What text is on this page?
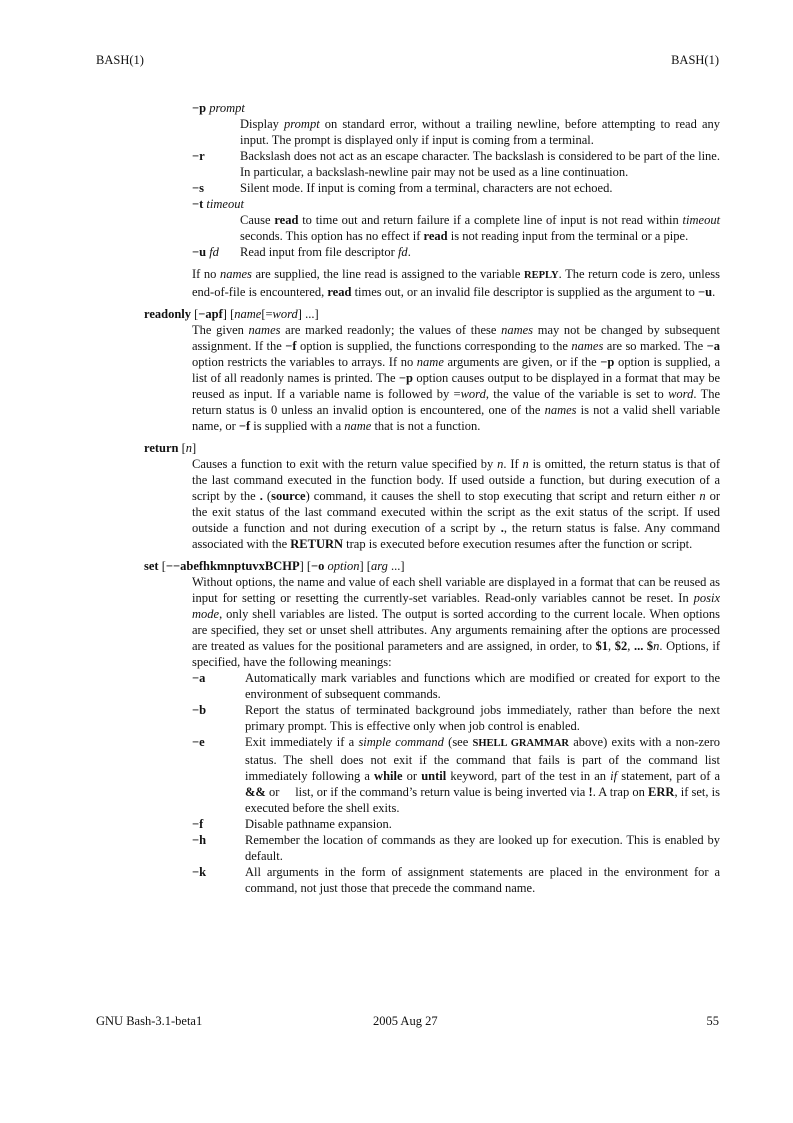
BASH(1)	BASH(1)
−p prompt
Display prompt on standard error, without a trailing newline, before attempting to read any input. The prompt is displayed only if input is coming from a terminal.
−r	Backslash does not act as an escape character. The backslash is considered to be part of the line. In particular, a backslash-newline pair may not be used as a line continuation.
−s	Silent mode. If input is coming from a terminal, characters are not echoed.
−t timeout
Cause read to time out and return failure if a complete line of input is not read within timeout seconds. This option has no effect if read is not reading input from the terminal or a pipe.
−u fd	Read input from file descriptor fd.
If no names are supplied, the line read is assigned to the variable REPLY. The return code is zero, unless end-of-file is encountered, read times out, or an invalid file descriptor is supplied as the argument to −u.
readonly [−apf] [name[=word] ...]
The given names are marked readonly; the values of these names may not be changed by subsequent assignment. If the −f option is supplied, the functions corresponding to the names are so marked. The −a option restricts the variables to arrays. If no name arguments are given, or if the −p option is supplied, a list of all readonly names is printed. The −p option causes output to be displayed in a format that may be reused as input. If a variable name is followed by =word, the value of the variable is set to word. The return status is 0 unless an invalid option is encountered, one of the names is not a valid shell variable name, or −f is supplied with a name that is not a function.
return [n]
Causes a function to exit with the return value specified by n. If n is omitted, the return status is that of the last command executed in the function body. If used outside a function, but during execution of a script by the . (source) command, it causes the shell to stop executing that script and return either n or the exit status of the last command executed within the script as the exit status of the script. If used outside a function and not during execution of a script by ., the return status is false. Any command associated with the RETURN trap is executed before execution resumes after the function or script.
set [−−abefhkmnptuvxBCHP] [−o option] [arg ...]
Without options, the name and value of each shell variable are displayed in a format that can be reused as input for setting or resetting the currently-set variables. Read-only variables cannot be reset. In posix mode, only shell variables are listed. The output is sorted according to the current locale. When options are specified, they set or unset shell attributes. Any arguments remaining after the options are processed are treated as values for the positional parameters and are assigned, in order, to $1, $2, ... $n. Options, if specified, have the following meanings:
−a	Automatically mark variables and functions which are modified or created for export to the environment of subsequent commands.
−b	Report the status of terminated background jobs immediately, rather than before the next primary prompt. This is effective only when job control is enabled.
−e	Exit immediately if a simple command (see SHELL GRAMMAR above) exits with a non-zero status. The shell does not exit if the command that fails is part of the command list immediately following a while or until keyword, part of the test in an if statement, part of a && or list, or if the command’s return value is being inverted via !. A trap on ERR, if set, is executed before the shell exits.
−f	Disable pathname expansion.
−h	Remember the location of commands as they are looked up for execution. This is enabled by default.
−k	All arguments in the form of assignment statements are placed in the environment for a command, not just those that precede the command name.
GNU Bash-3.1-beta1	2005 Aug 27	55
